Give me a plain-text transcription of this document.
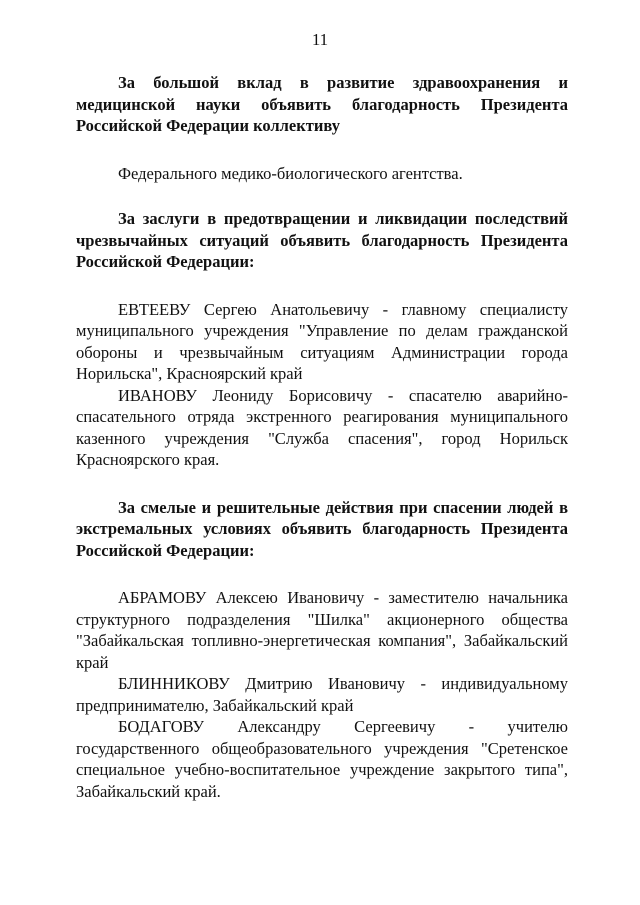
11

За большой вклад в развитие здравоохранения и медицинской науки объявить благодарность Президента Российской Федерации коллективу

Федерального медико-биологического агентства.

За заслуги в предотвращении и ликвидации последствий чрезвычайных ситуаций объявить благодарность Президента Российской Федерации:

ЕВТЕЕВУ Сергею Анатольевичу - главному специалисту муниципального учреждения "Управление по делам гражданской обороны и чрезвычайным ситуациям Администрации города Норильска", Красноярский край

ИВАНОВУ Леониду Борисовичу - спасателю аварийно-спасательного отряда экстренного реагирования муниципального казенного учреждения "Служба спасения", город Норильск Красноярского края.

За смелые и решительные действия при спасении людей в экстремальных условиях объявить благодарность Президента Российской Федерации:

АБРАМОВУ Алексею Ивановичу - заместителю начальника структурного подразделения "Шилка" акционерного общества "Забайкальская топливно-энергетическая компания", Забайкальский край

БЛИННИКОВУ Дмитрию Ивановичу - индивидуальному предпринимателю, Забайкальский край

БОДАГОВУ Александру Сергеевичу - учителю государственного общеобразовательного учреждения "Сретенское специальное учебно-воспитательное учреждение закрытого типа", Забайкальский край.
